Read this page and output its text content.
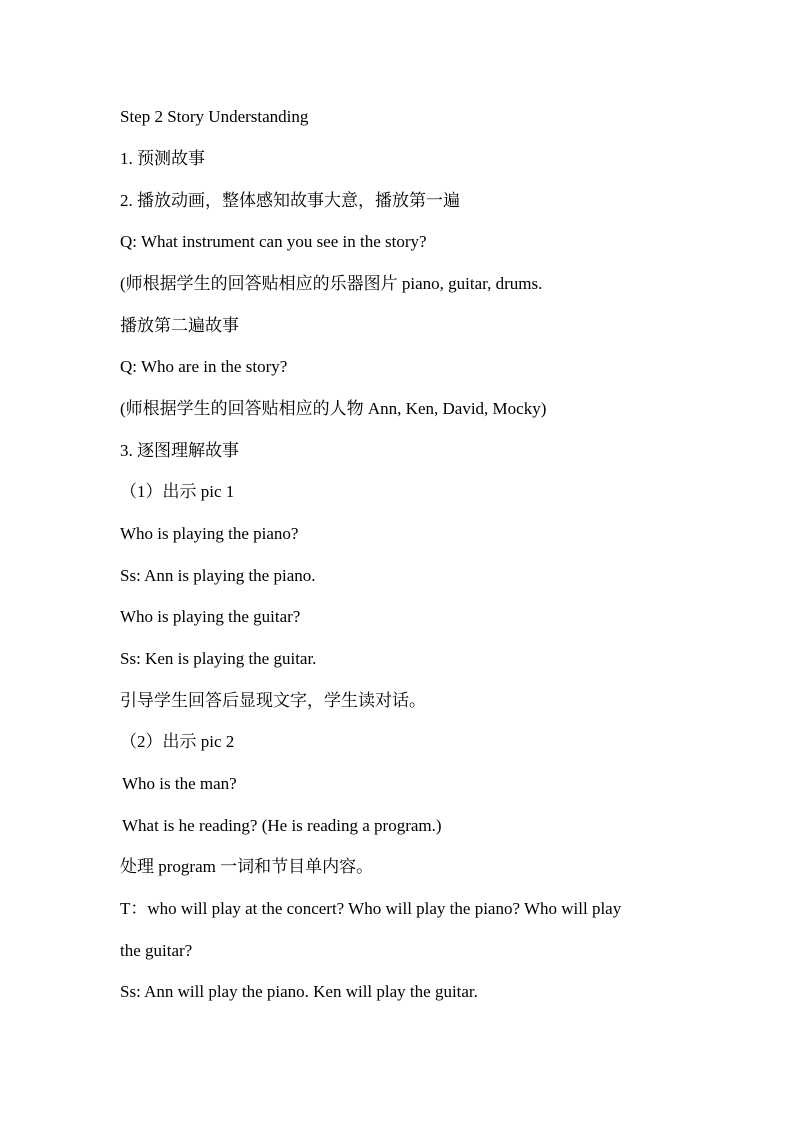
Step 2 Story Understanding
1. 预测故事
2. 播放动画，整体感知故事大意，播放第一遍
Q: What instrument can you see in the story?
(师根据学生的回答贴相应的乐器图片 piano, guitar, drums.
播放第二遍故事
Q: Who are in the story?
(师根据学生的回答贴相应的人物 Ann, Ken, David, Mocky)
3. 逐图理解故事
（1）出示 pic 1
Who is playing the piano?
Ss: Ann is playing the piano.
Who is playing the guitar?
Ss: Ken is playing the guitar.
引导学生回答后显现文字，学生读对话。
（2）出示 pic 2
Who is the man?
What is he reading? (He is reading a program.)
处理 program 一词和节目单内容。
T：who will play at the concert? Who will play the piano? Who will play
the guitar?
Ss: Ann will play the piano. Ken will play the guitar.
